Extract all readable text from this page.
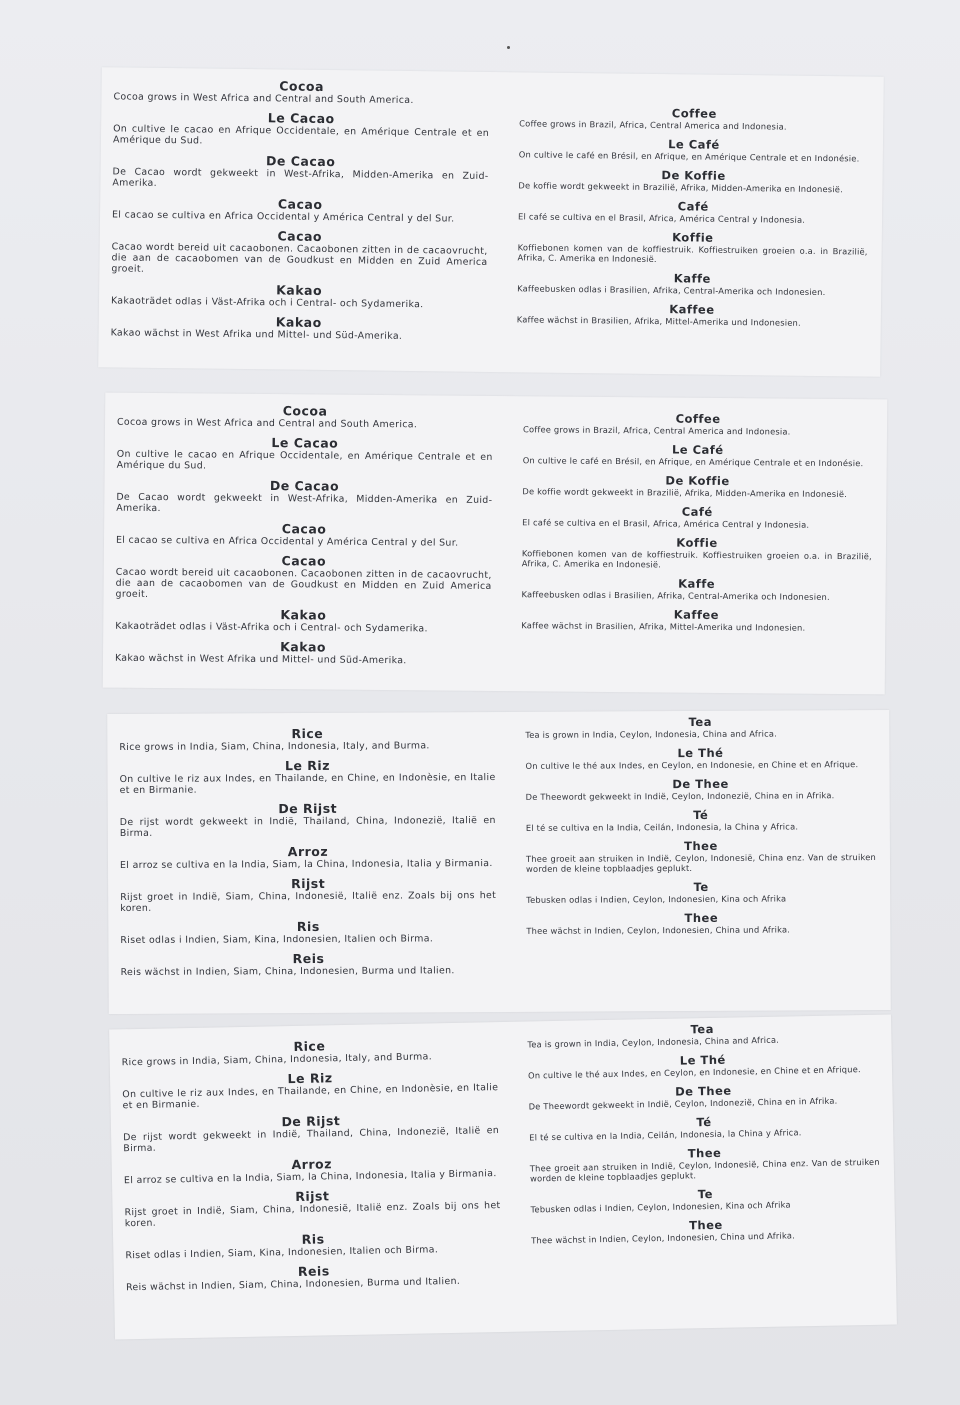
Cocoa

Cocoa grows in West Africa and Central and South America.

Le Cacao

On cultive le cacao en Afrique Occidentale, en Amérique Centrale et en Amérique du Sud.

De Cacao

De Cacao wordt gekweekt in West-Afrika, Midden-Amerika en Zuid-Amerika.

Cacao

El cacao se cultiva en Africa Occidental y América Central y del Sur.

Cacao

Cacao wordt bereid uit cacaobonen. Cacaobonen zitten in de cacaovrucht, die aan de cacaobomen van de Goudkust en Midden en Zuid America groeit.

Kakao

Kakaoträdet odlas i Väst-Afrika och i Central- och Sydamerika.

Kakao

Kakao wächst in West Afrika und Mittel- und Süd-Amerika.

Coffee

Coffee grows in Brazil, Africa, Central America and Indonesia.

Le Café

On cultive le café en Brésil, en Afrique, en Amérique Centrale et en Indonésie.

De Koffie

De koffie wordt gekweekt in Brazilië, Afrika, Midden-Amerika en Indonesië.

Café

El café se cultiva en el Brasil, Africa, América Central y Indonesia.

Koffie

Koffiebonen komen van de koffiestruik. Koffiestruiken groeien o.a. in Brazilië, Afrika, C. Amerika en Indonesië.

Kaffe

Kaffeebusken odlas i Brasilien, Afrika, Central-Amerika och Indonesien.

Kaffee

Kaffee wächst in Brasilien, Afrika, Mittel-Amerika und Indonesien.

Cocoa

Cocoa grows in West Africa and Central and South America.

Le Cacao

On cultive le cacao en Afrique Occidentale, en Amérique Centrale et en Amérique du Sud.

De Cacao

De Cacao wordt gekweekt in West-Afrika, Midden-Amerika en Zuid-Amerika.

Cacao

El cacao se cultiva en Africa Occidental y América Central y del Sur.

Cacao

Cacao wordt bereid uit cacaobonen. Cacaobonen zitten in de cacaovrucht, die aan de cacaobomen van de Goudkust en Midden en Zuid America groeit.

Kakao

Kakaoträdet odlas i Väst-Afrika och i Central- och Sydamerika.

Kakao

Kakao wächst in West Afrika und Mittel- und Süd-Amerika.

Coffee

Coffee grows in Brazil, Africa, Central America and Indonesia.

Le Café

On cultive le café en Brésil, en Afrique, en Amérique Centrale et en Indonésie.

De Koffie

De koffie wordt gekweekt in Brazilië, Afrika, Midden-Amerika en Indonesië.

Café

El café se cultiva en el Brasil, Africa, América Central y Indonesia.

Koffie

Koffiebonen komen van de koffiestruik. Koffiestruiken groeien o.a. in Brazilië, Afrika, C. Amerika en Indonesië.

Kaffe

Kaffeebusken odlas i Brasilien, Afrika, Central-Amerika och Indonesien.

Kaffee

Kaffee wächst in Brasilien, Afrika, Mittel-Amerika und Indonesien.

Rice

Rice grows in India, Siam, China, Indonesia, Italy, and Burma.

Le Riz

On cultive le riz aux Indes, en Thailande, en Chine, en Indonèsie, en Italie et en Birmanie.

De Rijst

De rijst wordt gekweekt in Indië, Thailand, China, Indonezië, Italië en Birma.

Arroz

El arroz se cultiva en la India, Siam, la China, Indonesia, Italia y Birmania.

Rijst

Rijst groet in Indië, Siam, China, Indonesië, Italië enz. Zoals bij ons het koren.

Ris

Riset odlas i Indien, Siam, Kina, Indonesien, Italien och Birma.

Reis

Reis wächst in Indien, Siam, China, Indonesien, Burma und Italien.

Tea

Tea is grown in India, Ceylon, Indonesia, China and Africa.

Le Thé

On cultive le thé aux Indes, en Ceylon, en Indonesie, en Chine et en Afrique.

De Thee

De Theewordt gekweekt in Indië, Ceylon, Indonezië, China en in Afrika.

Té

El té se cultiva en la India, Ceilán, Indonesia, la China y Africa.

Thee

Thee groeit aan struiken in Indië, Ceylon, Indonesië, China enz. Van de struiken worden de kleine topblaadjes geplukt.

Te

Tebusken odlas i Indien, Ceylon, Indonesien, Kina och Afrika

Thee

Thee wächst in Indien, Ceylon, Indonesien, China und Afrika.

Rice

Rice grows in India, Siam, China, Indonesia, Italy, and Burma.

Le Riz

On cultive le riz aux Indes, en Thailande, en Chine, en Indonèsie, en Italie et en Birmanie.

De Rijst

De rijst wordt gekweekt in Indië, Thailand, China, Indonezië, Italië en Birma.

Arroz

El arroz se cultiva en la India, Siam, la China, Indonesia, Italia y Birmania.

Rijst

Rijst groet in Indië, Siam, China, Indonesië, Italië enz. Zoals bij ons het koren.

Ris

Riset odlas i Indien, Siam, Kina, Indonesien, Italien och Birma.

Reis

Reis wächst in Indien, Siam, China, Indonesien, Burma und Italien.

Tea

Tea is grown in India, Ceylon, Indonesia, China and Africa.

Le Thé

On cultive le thé aux Indes, en Ceylon, en Indonesie, en Chine et en Afrique.

De Thee

De Theewordt gekweekt in Indië, Ceylon, Indonezië, China en in Afrika.

Té

El té se cultiva en la India, Ceilán, Indonesia, la China y Africa.

Thee

Thee groeit aan struiken in Indië, Ceylon, Indonesië, China enz. Van de struiken worden de kleine topblaadjes geplukt.

Te

Tebusken odlas i Indien, Ceylon, Indonesien, Kina och Afrika

Thee

Thee wächst in Indien, Ceylon, Indonesien, China und Afrika.
